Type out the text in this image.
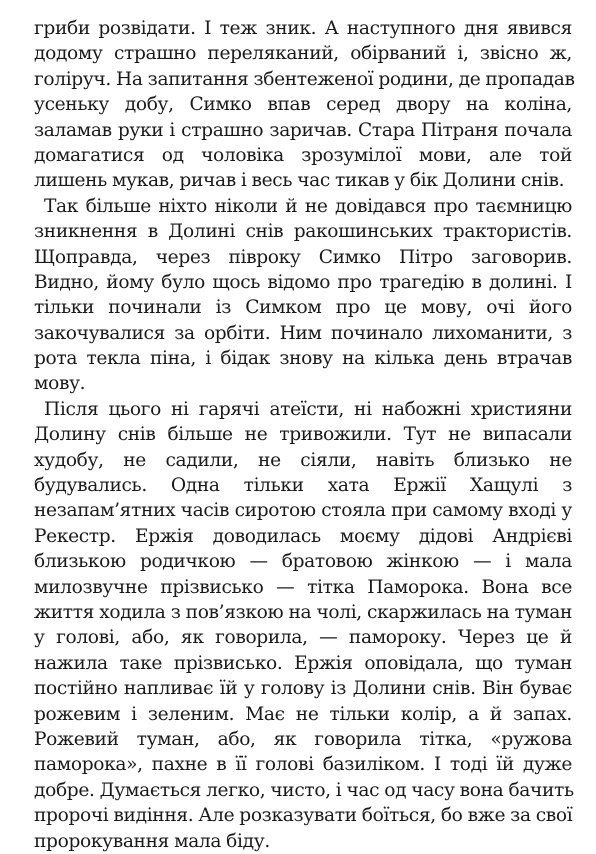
гриби розвідати. І теж зник. А наступного дня явився
додому страшно переляканий, обірваний і, звісно ж,
голіруч. На запитання збентеженої родини, де пропадав
усеньку добу, Симко впав серед двору на коліна,
заламав руки і страшно заричав. Стара Пітраня почала
домагатися од чоловіка зрозумілої мови, але той
лишень мукав, ричав і весь час тикав у бік Долини снів.
Так більше ніхто ніколи й не довідався про таємницю
зникнення в Долині снів ракошинських трактористів.
Щоправда, через півроку Симко Пітро заговорив.
Видно, йому було щось відомо про трагедію в долині. І
тільки починали із Симком про це мову, очі його
закочувалися за орбіти. Ним починало лихоманити, з
рота текла піна, і бідак знову на кілька день втрачав
мову.
Після цього ні гарячі атеїсти, ні набожні християни
Долину снів більше не тривожили. Тут не випасали
худобу, не садили, не сіяли, навіть близько не
будувались. Одна тільки хата Ержії Хащулі з
незапам’ятних часів сиротою стояла при самому вході у
Рекестр. Ержія доводилась моєму дідові Андрієві
близькою родичкою — братовою жінкою — і мала
милозвучне прізвисько — тітка Паморока. Вона все
життя ходила з пов’язкою на чолі, скаржилась на туман
у голові, або, як говорила, — памороку. Через це й
нажила таке прізвисько. Ержія оповідала, що туман
постійно напливає їй у голову із Долини снів. Він буває
рожевим і зеленим. Має не тільки колір, а й запах.
Рожевий туман, або, як говорила тітка, «ружова
паморока», пахне в її голові базиліком. І тоді їй дуже
добре. Думається легко, чисто, і час од часу вона бачить
пророчі видіння. Але розказувати боїться, бо вже за свої
пророкування мала біду.
